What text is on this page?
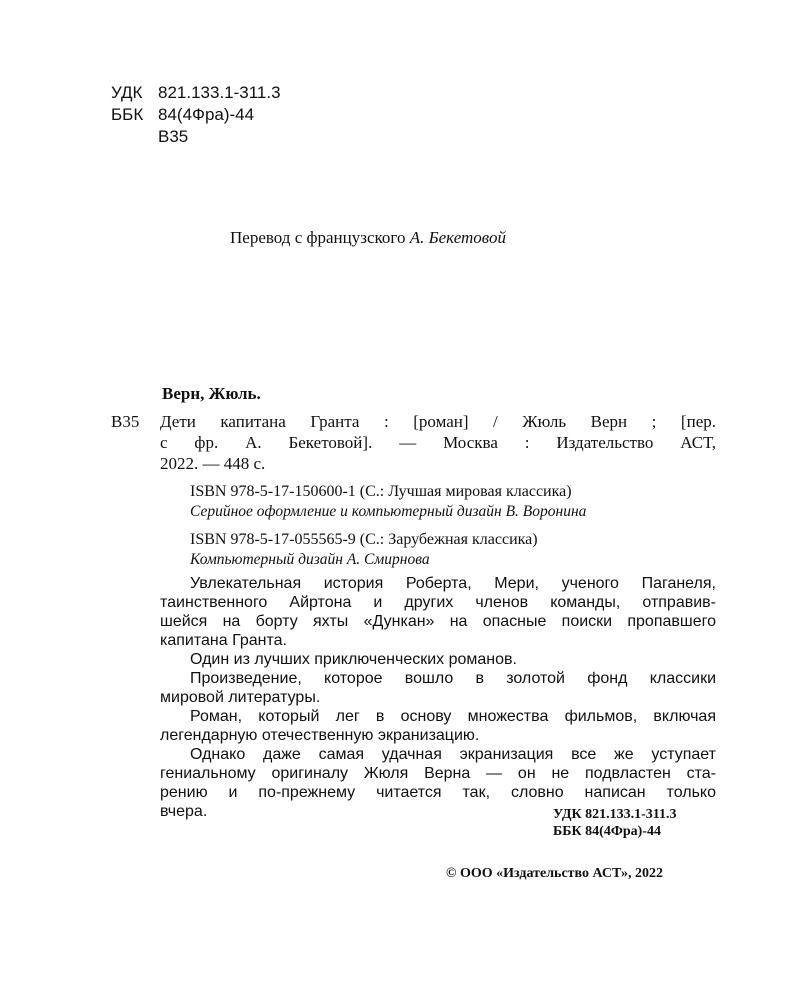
УДК 821.133.1-311.3
ББК 84(4Фра)-44
В35
Перевод с французского А. Бекетовой
Верн, Жюль.
В35 Дети капитана Гранта : [роман] / Жюль Верн ; [пер.
с фр. А. Бекетовой]. — Москва : Издательство АСТ,
2022. — 448 с.
ISBN 978-5-17-150600-1 (С.: Лучшая мировая классика)
Серийное оформление и компьютерный дизайн В. Воронина
ISBN 978-5-17-055565-9 (С.: Зарубежная классика)
Компьютерный дизайн А. Смирнова

Увлекательная история Роберта, Мери, ученого Паганеля,
таинственного Айртона и других членов команды, отправив-
шейся на борту яхты «Дункан» на опасные поиски пропавшего
капитана Гранта.

Один из лучших приключенческих романов.

Произведение, которое вошло в золотой фонд классики
мировой литературы.

Роман, который лег в основу множества фильмов, включая
легендарную отечественную экранизацию.

Однако даже самая удачная экранизация все же уступает
гениальному оригиналу Жюля Верна — он не подвластен ста-
рению и по-прежнему читается так, словно написан только
вчера.	УДК 821.133.1-311.3
ББК 84(4Фра)-44
© ООО «Издательство АСТ», 2022
